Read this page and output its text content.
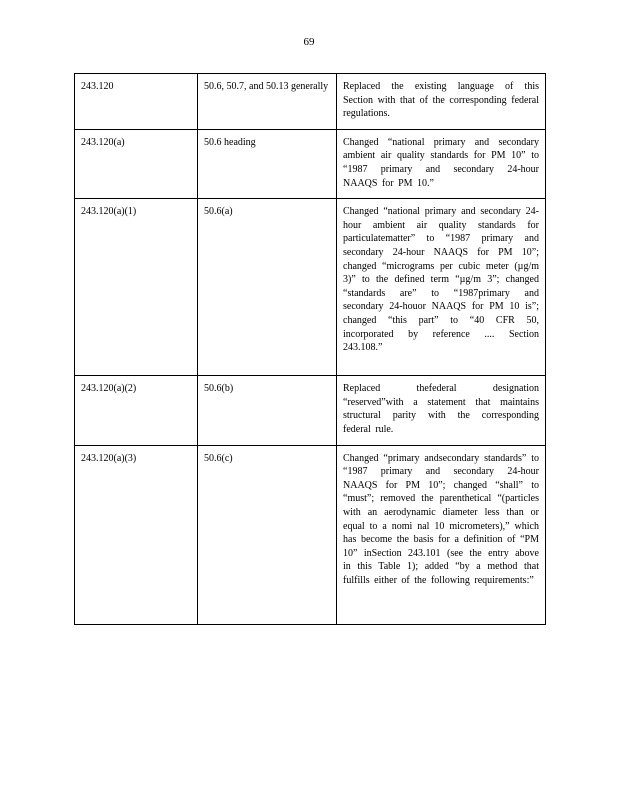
69
243.120	50.6, 50.7, and 50.13 generally	Replaced the existing language of this Section with that of the corresponding federal regulations.
243.120(a)	50.6 heading	Changed “national primary and secondary ambient air quality standards for PM 10” to “1987 primary and secondary 24-hour NAAQS for PM 10.”
243.120(a)(1)	50.6(a)	Changed “national primary and secondary 24-hour ambient air quality standards for particulatematter” to “1987 primary and secondary 24-hour NAAQS for PM 10”; changed “micrograms per cubic meter (µg/m 3)” to the defined term “µg/m 3”; changed “standards are” to “1987primary and secondary 24-houor NAAQS for PM 10 is”; changed “this part” to “40 CFR 50, incorporated by reference .... Section 243.108.”
243.120(a)(2)	50.6(b)	Replaced thefederal designation “reserved”with a statement that maintains structural parity with the corresponding federal rule.
243.120(a)(3)	50.6(c)	Changed “primary andsecondary standards” to “1987 primary and secondary 24-hour NAAQS for PM 10”; changed “shall” to “must”; removed the parenthetical “(particles with an aerodynamic diameter less than or equal to a nomi nal 10 micrometers),” which has become the basis for a definition of “PM 10” inSection 243.101 (see the entry above in this Table 1); added “by a method that fulfills either of the following requirements:”
